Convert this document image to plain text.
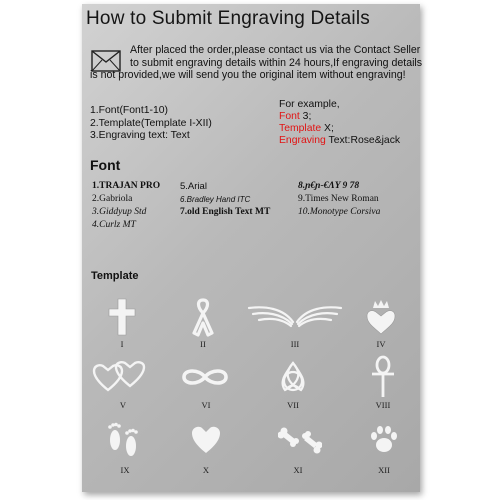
How to Submit Engraving Details
After placed the order,please contact us via the Contact Seller
to submit engraving details within 24 hours,If engraving details
is not provided,we will send you the original item without engraving!
1.Font(Font1-10)
2.Template(Template I-XII)
3.Engraving text: Text
For example,
Font 3;
Template X;
Engraving Text:Rose&jack
Font
1.TRAJAN PRO
2.Gabriola
3.Giddyup Std
4.Curlz MT
5.Arial
6.Bradley Hand ITC
7.old English Text MT
8.ɲ€ɲ-€ΛY 9 78
9.Times New Roman
10.Monotype Corsiva
Template
I	II	III	IV
V	VI	VII	VIII
IX	X	XI	XII
